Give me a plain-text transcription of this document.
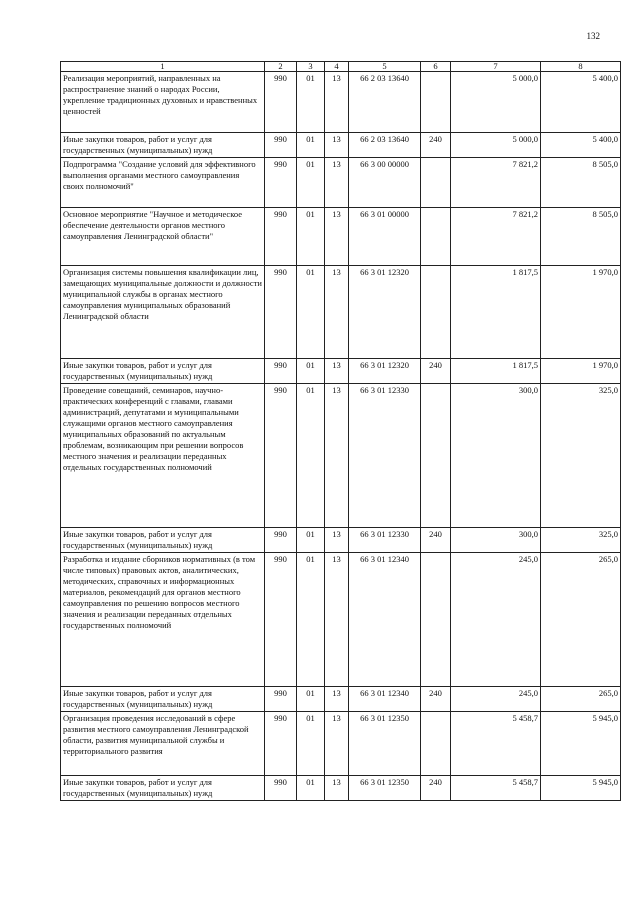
132
1	2	3	4	5	6	7	8
Реализация мероприятий, направленных на распространение знаний о народах России, укрепление традиционных духовных и нравственных ценностей	990	01	13	66 2 03 13640		5 000,0	5 400,0
Иные закупки товаров, работ и услуг для государственных (муниципальных) нужд	990	01	13	66 2 03 13640	240	5 000,0	5 400,0
Подпрограмма "Создание условий для эффективного выполнения органами местного самоуправления своих полномочий"	990	01	13	66 3 00 00000		7 821,2	8 505,0
Основное мероприятие "Научное и методическое обеспечение деятельности органов местного самоуправления Ленинградской области"	990	01	13	66 3 01 00000		7 821,2	8 505,0
Организация системы повышения квалификации лиц, замещающих муниципальные должности и должности муниципальной службы в органах местного самоуправления муниципальных образований Ленинградской области	990	01	13	66 3 01 12320		1 817,5	1 970,0
Иные закупки товаров, работ и услуг для государственных (муниципальных) нужд	990	01	13	66 3 01 12320	240	1 817,5	1 970,0
Проведение совещаний, семинаров, научно-практических конференций с главами, главами администраций, депутатами и муниципальными служащими органов местного самоуправления муниципальных образований по актуальным проблемам, возникающим при решении вопросов местного значения и реализации переданных отдельных государственных полномочий	990	01	13	66 3 01 12330		300,0	325,0
Иные закупки товаров, работ и услуг для государственных (муниципальных) нужд	990	01	13	66 3 01 12330	240	300,0	325,0
Разработка и издание сборников нормативных (в том числе типовых) правовых актов, аналитических, методических, справочных и информационных материалов, рекомендаций для органов местного самоуправления по решению вопросов местного значения и реализации переданных отдельных государственных полномочий	990	01	13	66 3 01 12340		245,0	265,0
Иные закупки товаров, работ и услуг для государственных (муниципальных) нужд	990	01	13	66 3 01 12340	240	245,0	265,0
Организация проведения исследований в сфере развития местного самоуправления Ленинградской области, развития муниципальной службы и территориального развития	990	01	13	66 3 01 12350		5 458,7	5 945,0
Иные закупки товаров, работ и услуг для государственных (муниципальных) нужд	990	01	13	66 3 01 12350	240	5 458,7	5 945,0
